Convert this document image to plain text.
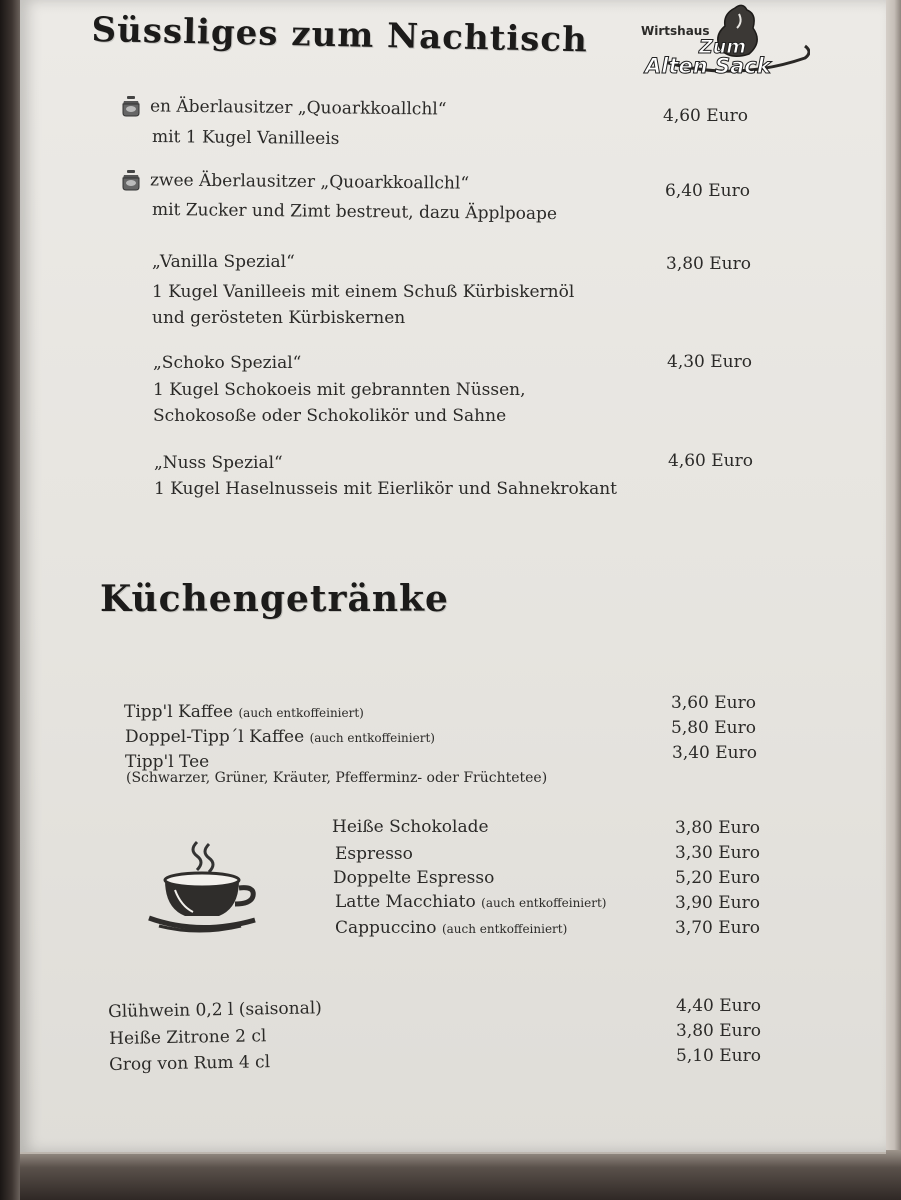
Süssliges zum Nachtisch	Wirtshaus
Zum
Alten Sack
en Äberlausitzer „Quoarkkoallchl“
mit 1 Kugel Vanilleeis
4,60 Euro
zwee Äberlausitzer „Quoarkkoallchl“
mit Zucker und Zimt bestreut, dazu Äpplpoape
6,40 Euro
„Vanilla Spezial“
1 Kugel Vanilleeis mit einem Schuß Kürbiskernöl
und gerösteten Kürbiskernen
3,80 Euro
„Schoko Spezial“
1 Kugel Schokoeis mit gebrannten Nüssen,
Schokosoße oder Schokolikör und Sahne
4,30 Euro
„Nuss Spezial“
1 Kugel Haselnusseis mit Eierlikör und Sahnekrokant
4,60 Euro
Küchengetränke
Tipp'l Kaffee (auch entkoffeiniert)	3,60 Euro
Doppel-Tipp´l Kaffee (auch entkoffeiniert)	5,80 Euro
Tipp'l Tee	3,40 Euro
(Schwarzer, Grüner, Kräuter, Pfefferminz- oder Früchtetee)
Heiße Schokolade	3,80 Euro
Espresso	3,30 Euro
Doppelte Espresso	5,20 Euro
Latte Macchiato (auch entkoffeiniert)	3,90 Euro
Cappuccino (auch entkoffeiniert)	3,70 Euro
Glühwein 0,2 l (saisonal)	4,40 Euro
Heiße Zitrone 2 cl	3,80 Euro
Grog von Rum 4 cl	5,10 Euro
